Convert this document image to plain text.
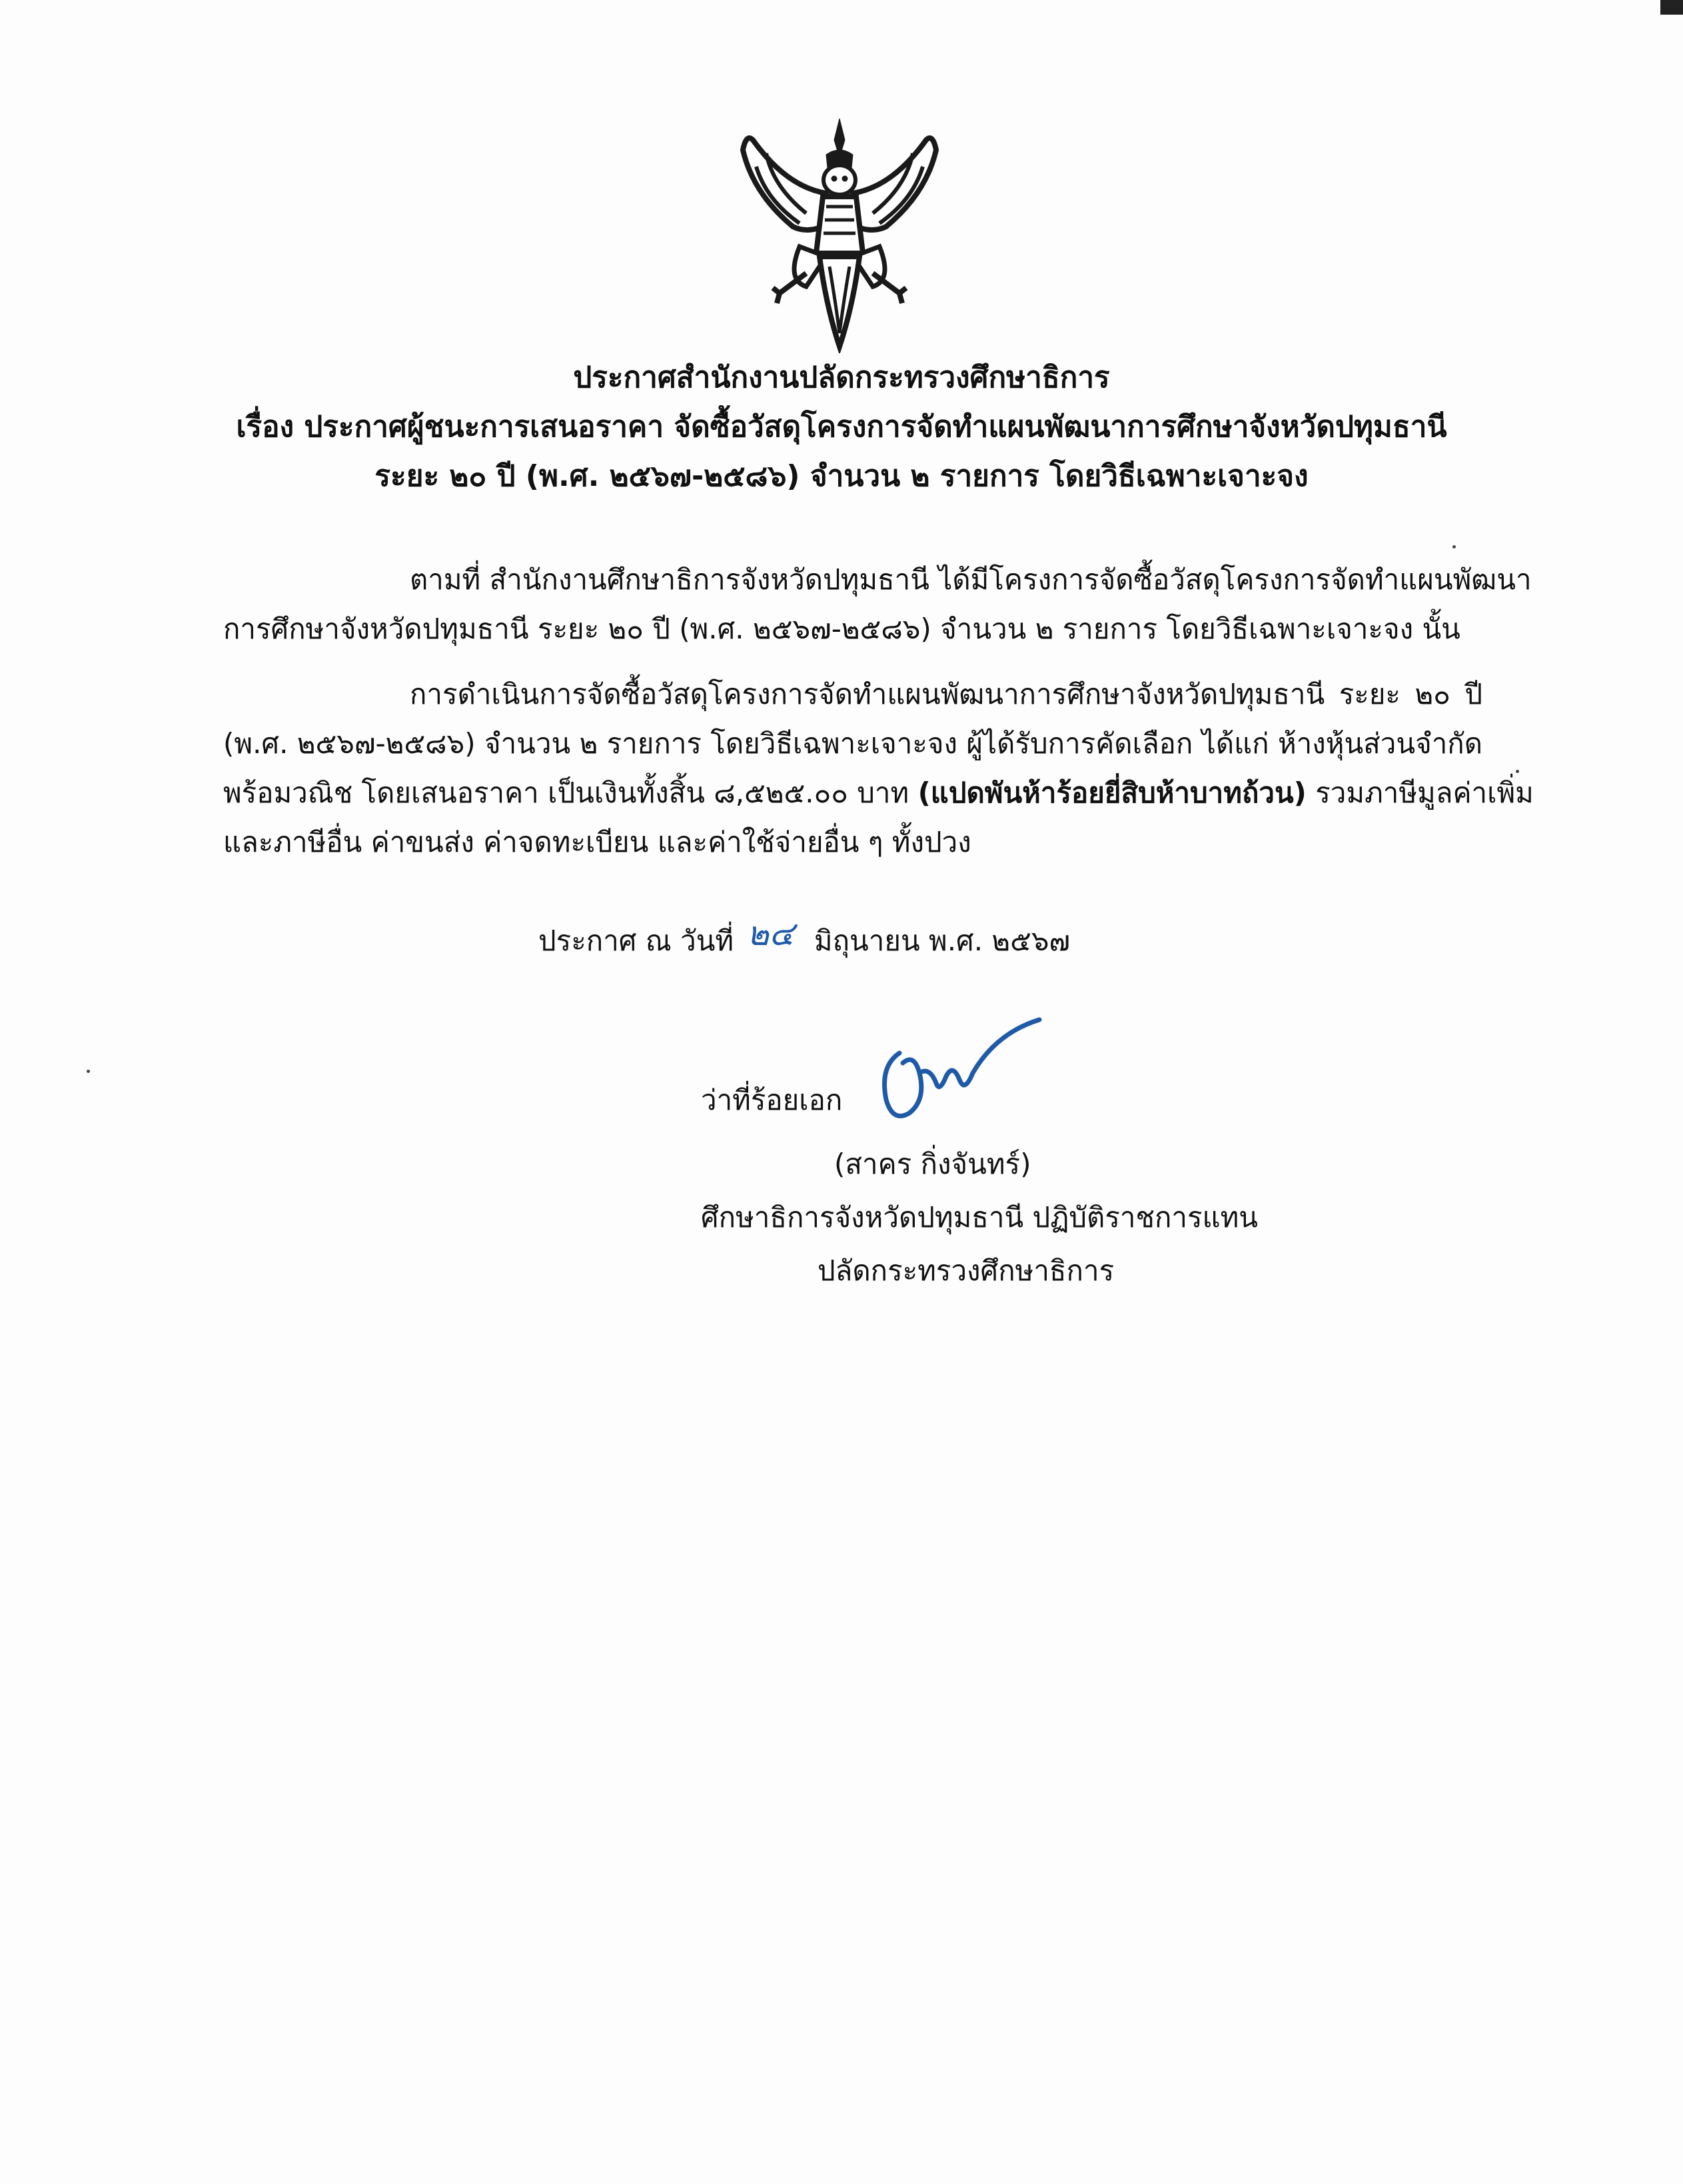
ประกาศสำนักงานปลัดกระทรวงศึกษาธิการ
เรื่อง ประกาศผู้ชนะการเสนอราคา จัดซื้อวัสดุโครงการจัดทำแผนพัฒนาการศึกษาจังหวัดปทุมธานี
ระยะ ๒๐ ปี (พ.ศ. ๒๕๖๗-๒๕๘๖) จำนวน ๒ รายการ โดยวิธีเฉพาะเจาะจง
ตามที่ สำนักงานศึกษาธิการจังหวัดปทุมธานี ได้มีโครงการจัดซื้อวัสดุโครงการจัดทำแผนพัฒนา
การศึกษาจังหวัดปทุมธานี ระยะ ๒๐ ปี (พ.ศ. ๒๕๖๗-๒๕๘๖) จำนวน ๒ รายการ โดยวิธีเฉพาะเจาะจง นั้น
การดำเนินการจัดซื้อวัสดุโครงการจัดทำแผนพัฒนาการศึกษาจังหวัดปทุมธานี ระยะ ๒๐ ปี
(พ.ศ. ๒๕๖๗-๒๕๘๖) จำนวน ๒ รายการ โดยวิธีเฉพาะเจาะจง ผู้ได้รับการคัดเลือก ได้แก่ ห้างหุ้นส่วนจำกัด
พร้อมวณิช โดยเสนอราคา เป็นเงินทั้งสิ้น ๘,๕๒๕.๐๐ บาท (แปดพันห้าร้อยยี่สิบห้าบาทถ้วน) รวมภาษีมูลค่าเพิ่ม
และภาษีอื่น ค่าขนส่ง ค่าจดทะเบียน และค่าใช้จ่ายอื่น ๆ ทั้งปวง
ประกาศ ณ วันที่ ๒๔ มิถุนายน พ.ศ. ๒๕๖๗
ว่าที่ร้อยเอก
(สาคร กิ่งจันทร์)
ศึกษาธิการจังหวัดปทุมธานี ปฏิบัติราชการแทน
ปลัดกระทรวงศึกษาธิการ
